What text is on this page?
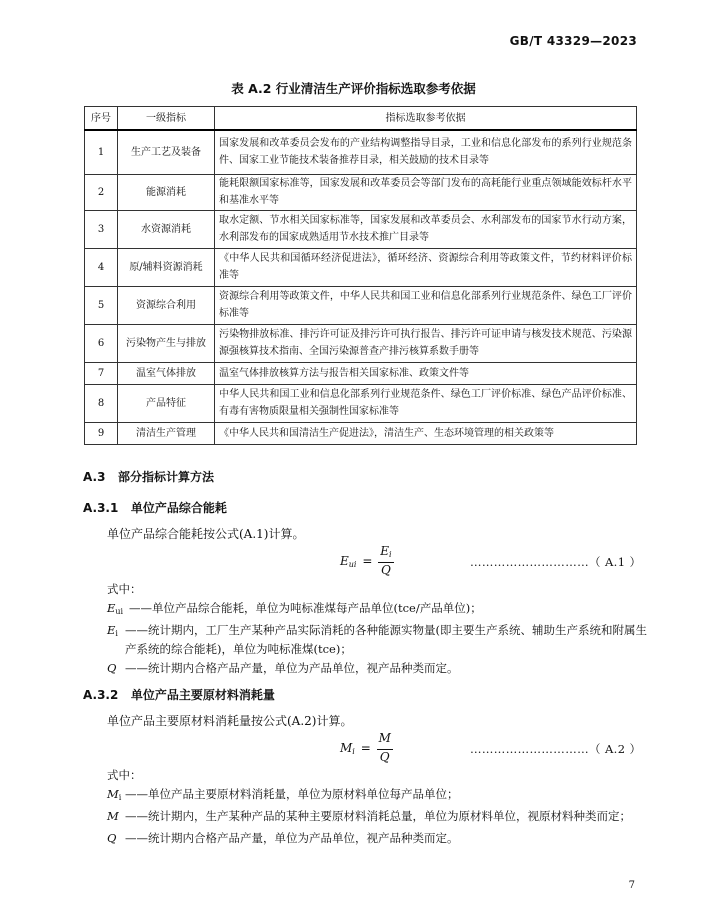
GB/T 43329—2023
表 A.2 行业清洁生产评价指标选取参考依据
序号	一级指标	指标选取参考依据
1	生产工艺及装备	国家发展和改革委员会发布的产业结构调整指导目录，工业和信息化部发布的系列行业规范条件、国家工业节能技术装备推荐目录，相关鼓励的技术目录等
2	能源消耗	能耗限额国家标准等，国家发展和改革委员会等部门发布的高耗能行业重点领域能效标杆水平和基准水平等
3	水资源消耗	取水定额、节水相关国家标准等，国家发展和改革委员会、水利部发布的国家节水行动方案，水利部发布的国家成熟适用节水技术推广目录等
4	原/辅料资源消耗	《中华人民共和国循环经济促进法》，循环经济、资源综合利用等政策文件，节约材料评价标准等
5	资源综合利用	资源综合利用等政策文件，中华人民共和国工业和信息化部系列行业规范条件、绿色工厂评价标准等
6	污染物产生与排放	污染物排放标准、排污许可证及排污许可执行报告、排污许可证申请与核发技术规范、污染源源强核算技术指南、全国污染源普查产排污核算系数手册等
7	温室气体排放	温室气体排放核算方法与报告相关国家标准、政策文件等
8	产品特征	中华人民共和国工业和信息化部系列行业规范条件、绿色工厂评价标准、绿色产品评价标准、有毒有害物质限量相关强制性国家标准等
9	清洁生产管理	《中华人民共和国清洁生产促进法》，清洁生产、生态环境管理的相关政策等
A.3 部分指标计算方法
A.3.1 单位产品综合能耗
单位产品综合能耗按公式(A.1)计算。
$E_{ui} = \frac{E_i}{Q}$	…………………………（ A.1 ）
式中：
$E_{ui}$ ——单位产品综合能耗，单位为吨标准煤每产品单位(tce/产品单位)；
$E_i$ ——统计期内，工厂生产某种产品实际消耗的各种能源实物量(即主要生产系统、辅助生产系统和附属生产系统的综合能耗)，单位为吨标准煤(tce)；
Q ——统计期内合格产品产量，单位为产品单位，视产品种类而定。
A.3.2 单位产品主要原材料消耗量
单位产品主要原材料消耗量按公式(A.2)计算。
$M_i = \frac{M}{Q}$	…………………………（ A.2 ）
式中：
$M_i$ ——单位产品主要原材料消耗量，单位为原材料单位每产品单位；
M ——统计期内，生产某种产品的某种主要原材料消耗总量，单位为原材料单位，视原材料种类而定；
Q ——统计期内合格产品产量，单位为产品单位，视产品种类而定。
7
